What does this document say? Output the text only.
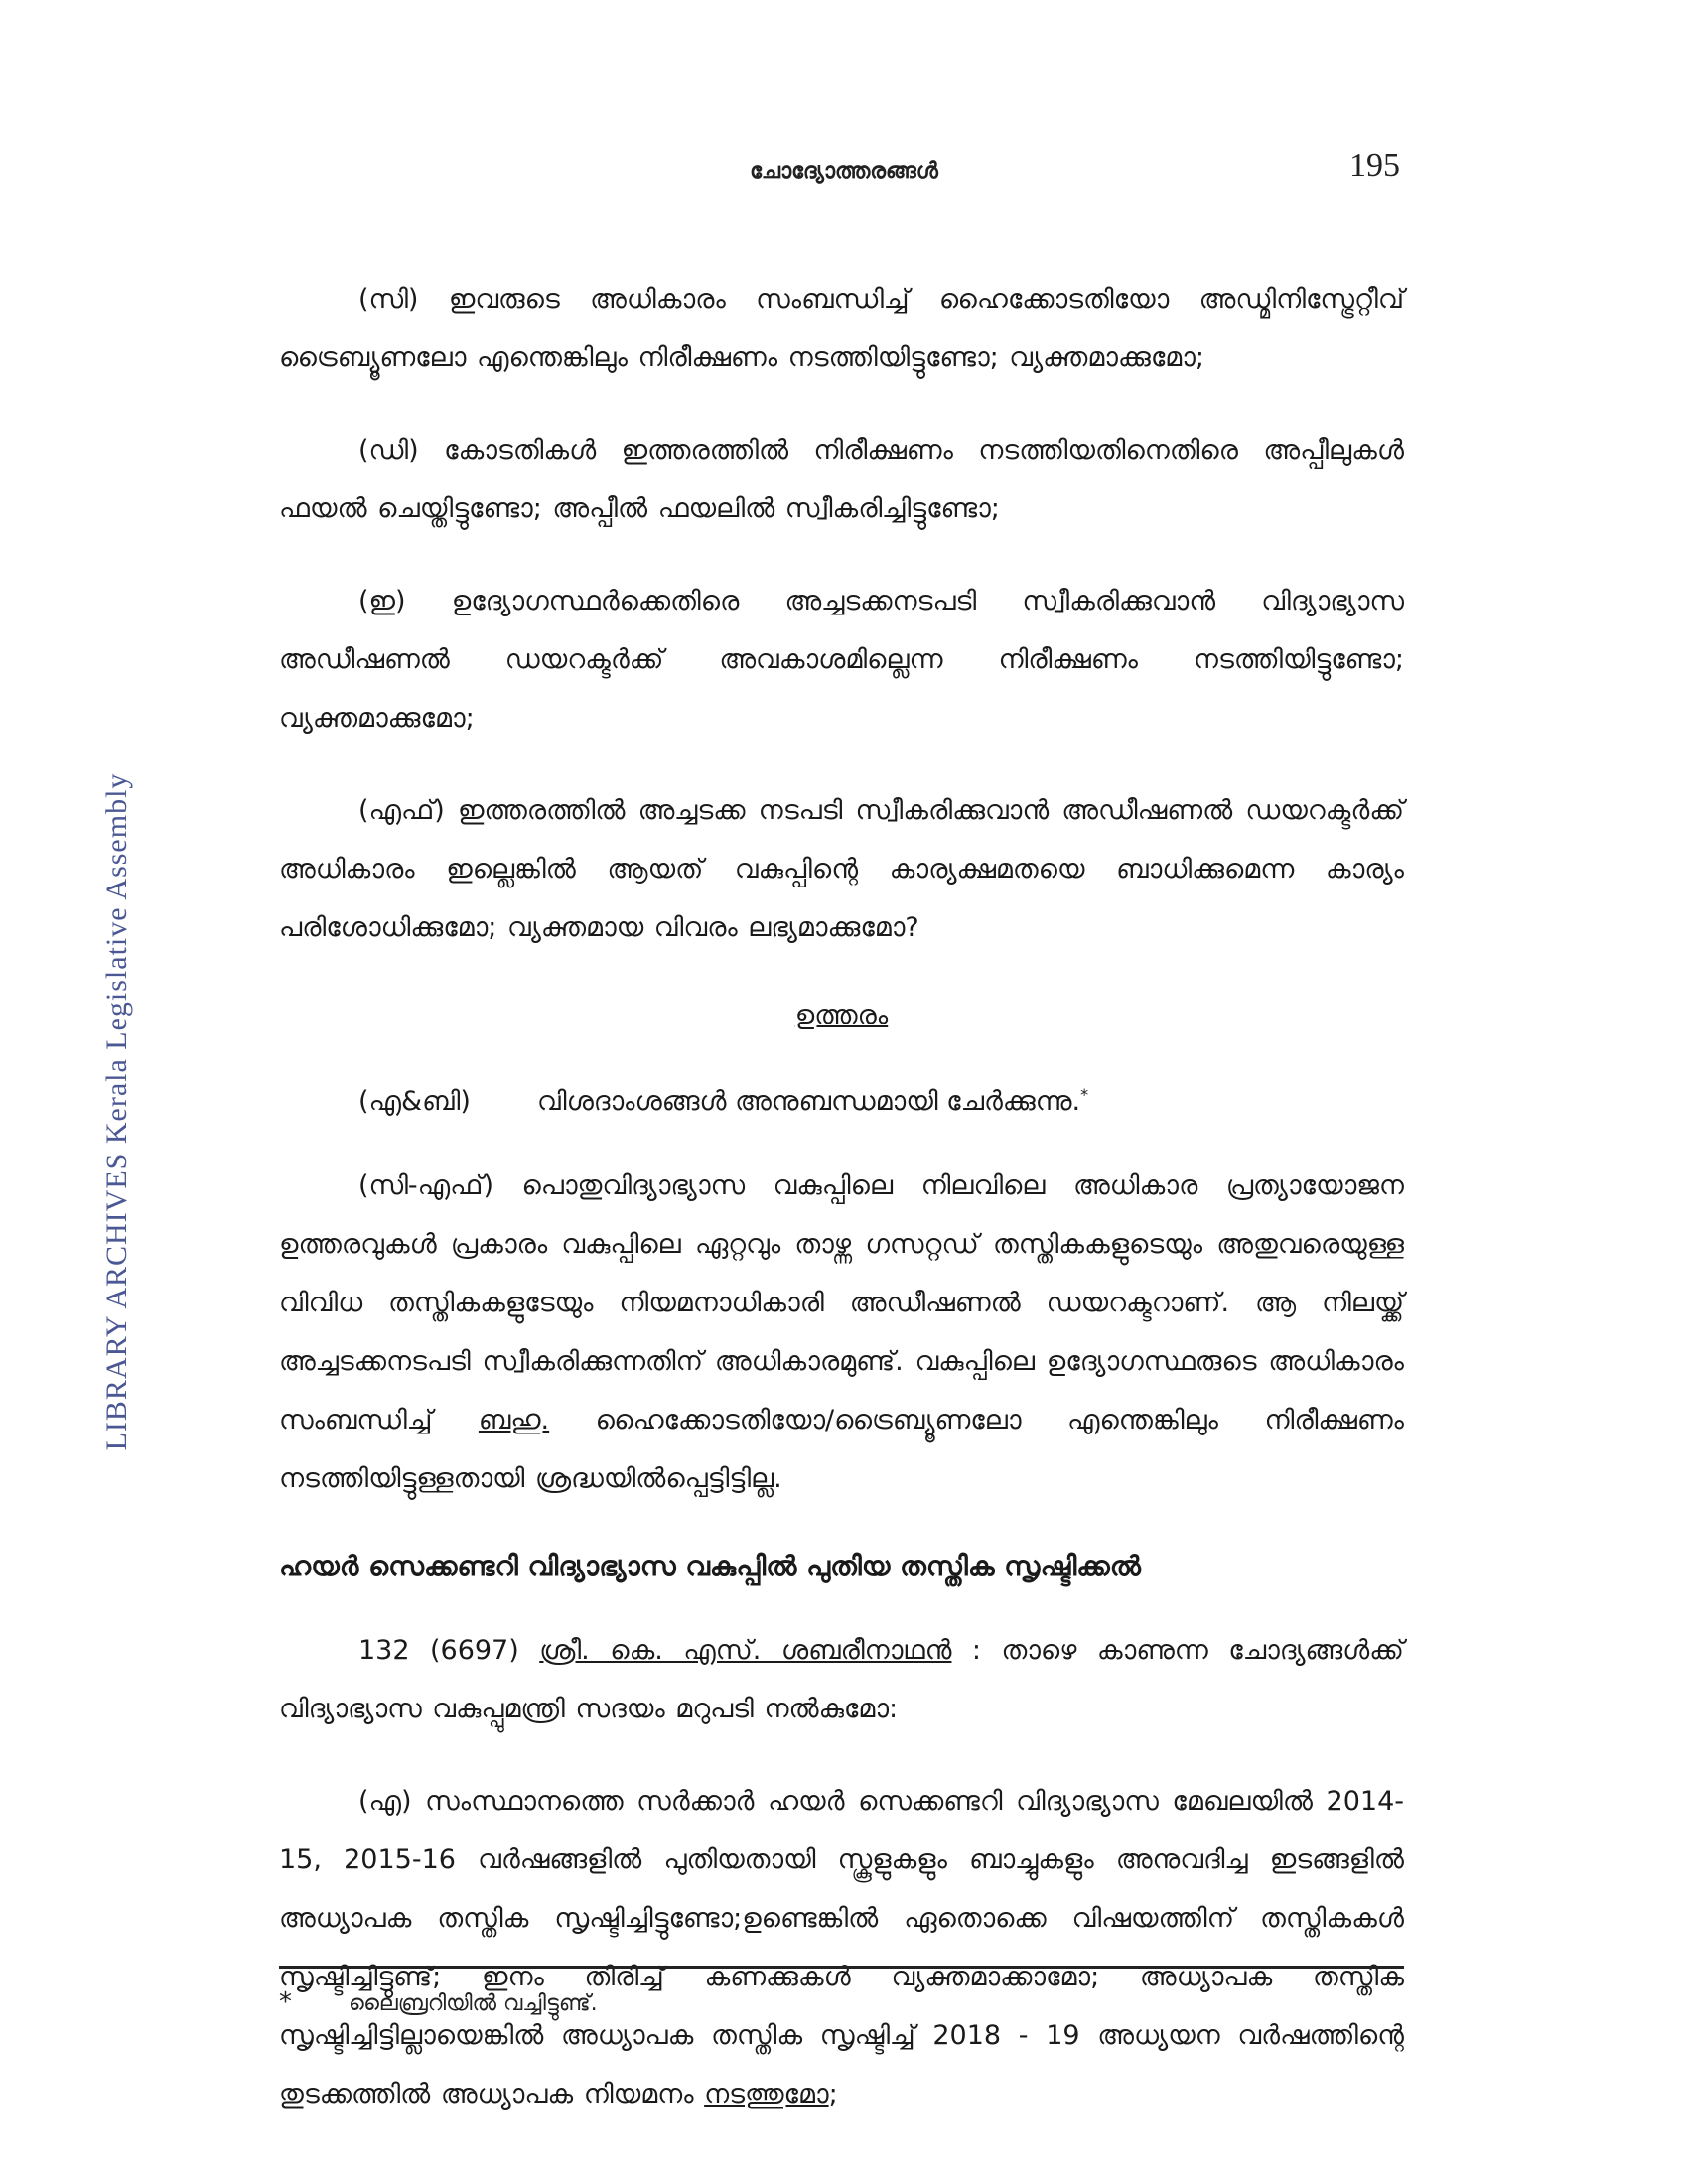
LIBRARY ARCHIVES Kerala Legislative Assembly
ചോദ്യോത്തരങ്ങൾ	195

(സി) ഇവരുടെ അധികാരം സംബന്ധിച്ച് ഹൈക്കോടതിയോ അഡ്മിനിസ്ട്രേറ്റീവ് ട്രൈബ്യൂണലോ എന്തെങ്കിലും നിരീക്ഷണം നടത്തിയിട്ടുണ്ടോ; വ്യക്തമാക്കുമോ;

(ഡി) കോടതികൾ ഇത്തരത്തിൽ നിരീക്ഷണം നടത്തിയതിനെതിരെ അപ്പീലുകൾ ഫയൽ ചെയ്തിട്ടുണ്ടോ; അപ്പീൽ ഫയലിൽ സ്വീകരിച്ചിട്ടുണ്ടോ;

(ഇ) ഉദ്യോഗസ്ഥർക്കെതിരെ അച്ചടക്കനടപടി സ്വീകരിക്കുവാൻ വിദ്യാഭ്യാസ അഡീഷണൽ ഡയറക്ടർക്ക് അവകാശമില്ലെന്ന നിരീക്ഷണം നടത്തിയിട്ടുണ്ടോ; വ്യക്തമാക്കുമോ;

(എഫ്) ഇത്തരത്തിൽ അച്ചടക്ക നടപടി സ്വീകരിക്കുവാൻ അഡീഷണൽ ഡയറക്ടർക്ക് അധികാരം ഇല്ലെങ്കിൽ ആയത് വകുപ്പിന്റെ കാര്യക്ഷമതയെ ബാധിക്കുമെന്ന കാര്യം പരിശോധിക്കുമോ; വ്യക്തമായ വിവരം ലഭ്യമാക്കുമോ?

ഉത്തരം
(എ&ബി) വിശദാംശങ്ങൾ അനുബന്ധമായി ചേർക്കുന്നു.*

(സി-എഫ്) പൊതുവിദ്യാഭ്യാസ വകുപ്പിലെ നിലവിലെ അധികാര പ്രത്യായോജന ഉത്തരവുകൾ പ്രകാരം വകുപ്പിലെ ഏറ്റവും താഴ്ന്ന ഗസറ്റഡ് തസ്തികകളുടെയും അതുവരെയുള്ള വിവിധ തസ്തികകളുടേയും നിയമനാധികാരി അഡീഷണൽ ഡയറക്ടറാണ്. ആ നിലയ്ക്ക് അച്ചടക്കനടപടി സ്വീകരിക്കുന്നതിന് അധികാരമുണ്ട്. വകുപ്പിലെ ഉദ്യോഗസ്ഥരുടെ അധികാരം സംബന്ധിച്ച് ബഹു. ഹൈക്കോടതിയോ/ട്രൈബ്യൂണലോ എന്തെങ്കിലും നിരീക്ഷണം നടത്തിയിട്ടുള്ളതായി ശ്രദ്ധയിൽപ്പെട്ടിട്ടില്ല.

ഹയർ സെക്കണ്ടറി വിദ്യാഭ്യാസ വകുപ്പിൽ പുതിയ തസ്തിക സൃഷ്ടിക്കൽ

132 (6697) ശ്രീ. കെ. എസ്. ശബരീനാഥൻ : താഴെ കാണുന്ന ചോദ്യങ്ങൾക്ക് വിദ്യാഭ്യാസ വകുപ്പുമന്ത്രി സദയം മറുപടി നൽകുമോ:

(എ) സംസ്ഥാനത്തെ സർക്കാർ ഹയർ സെക്കണ്ടറി വിദ്യാഭ്യാസ മേഖലയിൽ 2014-15, 2015-16 വർഷങ്ങളിൽ പുതിയതായി സ്കൂളുകളും ബാച്ചുകളും അനുവദിച്ച ഇടങ്ങളിൽ അധ്യാപക തസ്തിക സൃഷ്ടിച്ചിട്ടുണ്ടോ;ഉണ്ടെങ്കിൽ ഏതൊക്കെ വിഷയത്തിന് തസ്തികകൾ സൃഷ്ടിച്ചിട്ടുണ്ട്; ഇനം തിരിച്ച് കണക്കുകൾ വ്യക്തമാക്കാമോ; അധ്യാപക തസ്തിക സൃഷ്ടിച്ചിട്ടില്ലായെങ്കിൽ അധ്യാപക തസ്തിക സൃഷ്ടിച്ച് 2018 - 19 അധ്യയന വർഷത്തിന്റെ തുടക്കത്തിൽ അധ്യാപക നിയമനം നടത്തുമോ;

*	ലൈബ്രറിയിൽ വച്ചിട്ടുണ്ട്.
